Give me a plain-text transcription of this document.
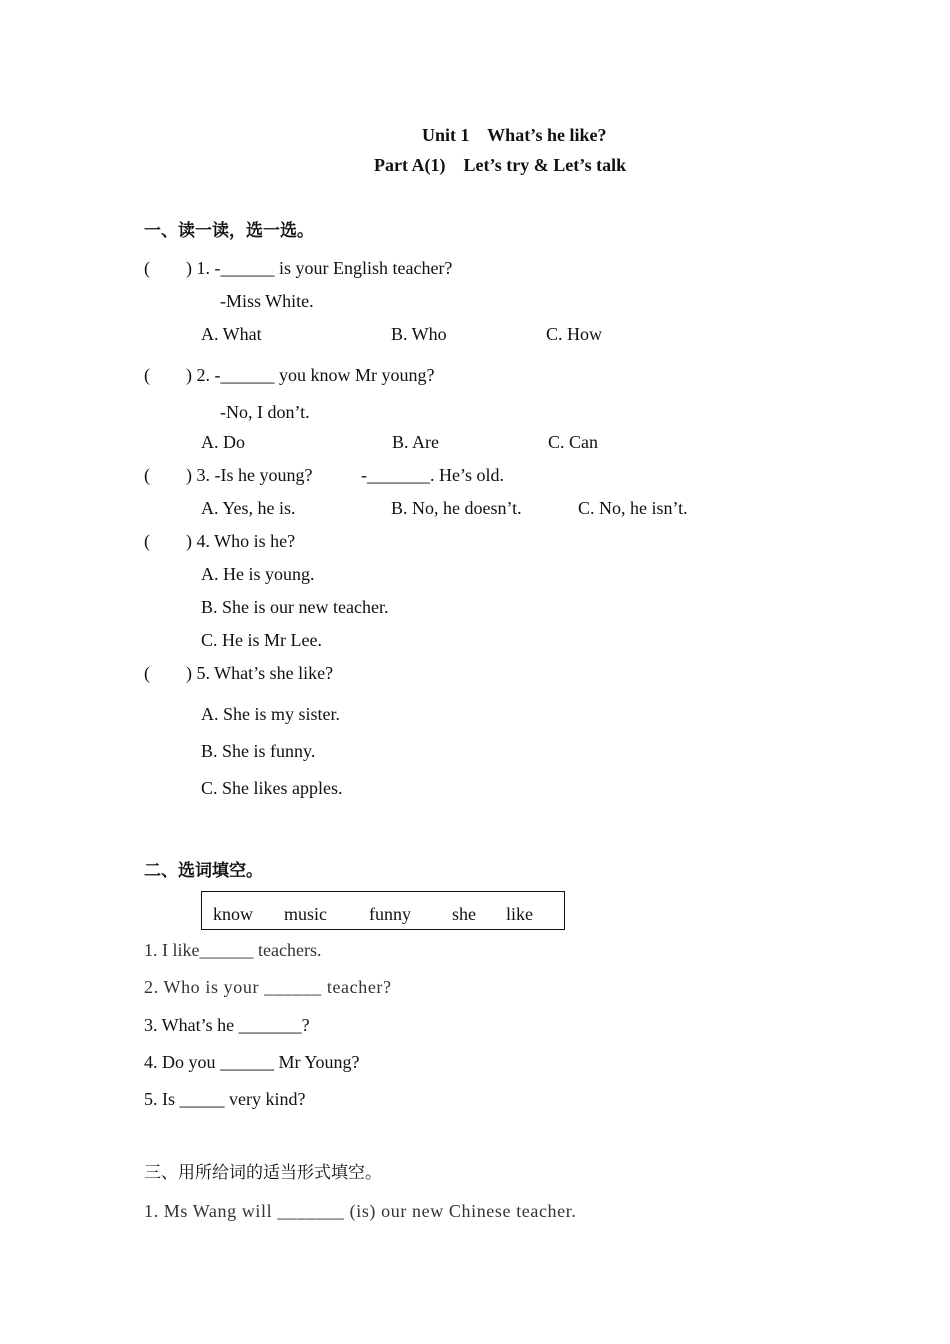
Unit 1    What’s he like?
Part A(1)    Let’s try & Let’s talk
一、读一读，选一选。
(        ) 1. -______ is your English teacher?
-Miss White.
A. What	B. Who	C. How
(        ) 2. -______ you know Mr young?
-No, I don’t.
A. Do	B. Are	C. Can
(        ) 3. -Is he young?	-_______. He’s old.
A. Yes, he is.	B. No, he doesn’t.	C. No, he isn’t.
(        ) 4. Who is he?
A. He is young.
B. She is our new teacher.
C. He is Mr Lee.
(        ) 5. What’s she like?
A. She is my sister.
B. She is funny.
C. She likes apples.
二、选词填空。
know music funny she like
1. I like______ teachers.
2. Who is your ______ teacher?
3. What’s he _______?
4. Do you ______ Mr Young?
5. Is _____ very kind?
三、用所给词的适当形式填空。
1. Ms Wang will _______ (is) our new Chinese teacher.
